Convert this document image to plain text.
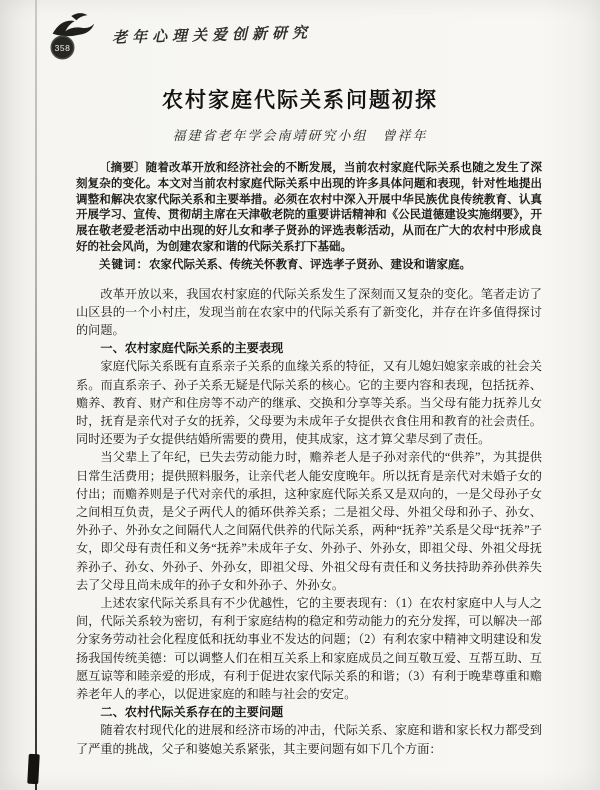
358
老年心理关爱创新研究
农村家庭代际关系问题初探
福建省老年学会南靖研究小组　曾祥年

〔摘要〕随着改革开放和经济社会的不断发展，当前农村家庭代际关系也随之发生了深刻复杂的变化。本文对当前农村家庭代际关系中出现的许多具体问题和表现，针对性地提出调整和解决农家代际关系和主要举措。必须在农村中深入开展中华民族优良传统教育、认真开展学习、宣传、贯彻胡主席在天津敬老院的重要讲话精神和《公民道德建设实施纲要》，开展在敬老爱老活动中出现的好儿女和孝子贤孙的评选表彰活动，从而在广大的农村中形成良好的社会风尚，为创建农家和谐的代际关系打下基础。

关键词：农家代际关系、传统关怀教育、评选孝子贤孙、建设和谐家庭。

改革开放以来，我国农村家庭的代际关系发生了深刻而又复杂的变化。笔者走访了山区县的一个小村庄，发现当前在农家中的代际关系有了新变化，并存在许多值得探讨的问题。

一、农村家庭代际关系的主要表现

家庭代际关系既有直系亲子关系的血缘关系的特征，又有儿媳妇媳家亲戚的社会关系。而直系亲子、孙子关系无疑是代际关系的核心。它的主要内容和表现，包括抚养、赡养、教育、财产和住房等不动产的继承、交换和分享等关系。当父母有能力抚养儿女时，抚育是亲代对子女的抚养，父母要为未成年子女提供衣食住用和教育的社会责任。同时还要为子女提供结婚所需要的费用，使其成家，这才算父辈尽到了责任。

当父辈上了年纪，已失去劳动能力时，赡养老人是子孙对亲代的“供养”，为其提供日常生活费用；提供照料服务，让亲代老人能安度晚年。所以抚育是亲代对未婚子女的付出；而赡养则是子代对亲代的承担，这种家庭代际关系又是双向的，一是父母孙子女之间相互负责，是父子两代人的循环供养关系；二是祖父母、外祖父母和孙子、孙女、外孙子、外孙女之间隔代人之间隔代供养的代际关系，两种“抚养”关系是父母“抚养”子女，即父母有责任和义务“抚养”未成年子女、外孙子、外孙女，即祖父母、外祖父母抚养孙子、孙女、外孙子、外孙女，即祖父母、外祖父母有责任和义务扶持助养孙供养失去了父母且尚未成年的孙子女和外孙子、外孙女。

上述农家代际关系具有不少优越性，它的主要表现有：（1）在农村家庭中人与人之间，代际关系较为密切，有利于家庭结构的稳定和劳动能力的充分发挥，可以解决一部分家务劳动社会化程度低和抚幼事业不发达的问题；（2）有利农家中精神文明建设和发扬我国传统美德：可以调整人们在相互关系上和家庭成员之间互敬互爱、互帮互助、互愿互谅等和睦亲爱的形成，有利于促进农家代际关系的和谐；（3）有利于晚辈尊重和赡养老年人的孝心，以促进家庭的和睦与社会的安定。

二、农村代际关系存在的主要问题

随着农村现代化的进展和经济市场的冲击，代际关系、家庭和谐和家长权力都受到了严重的挑战，父子和婆媳关系紧张，其主要问题有如下几个方面：
